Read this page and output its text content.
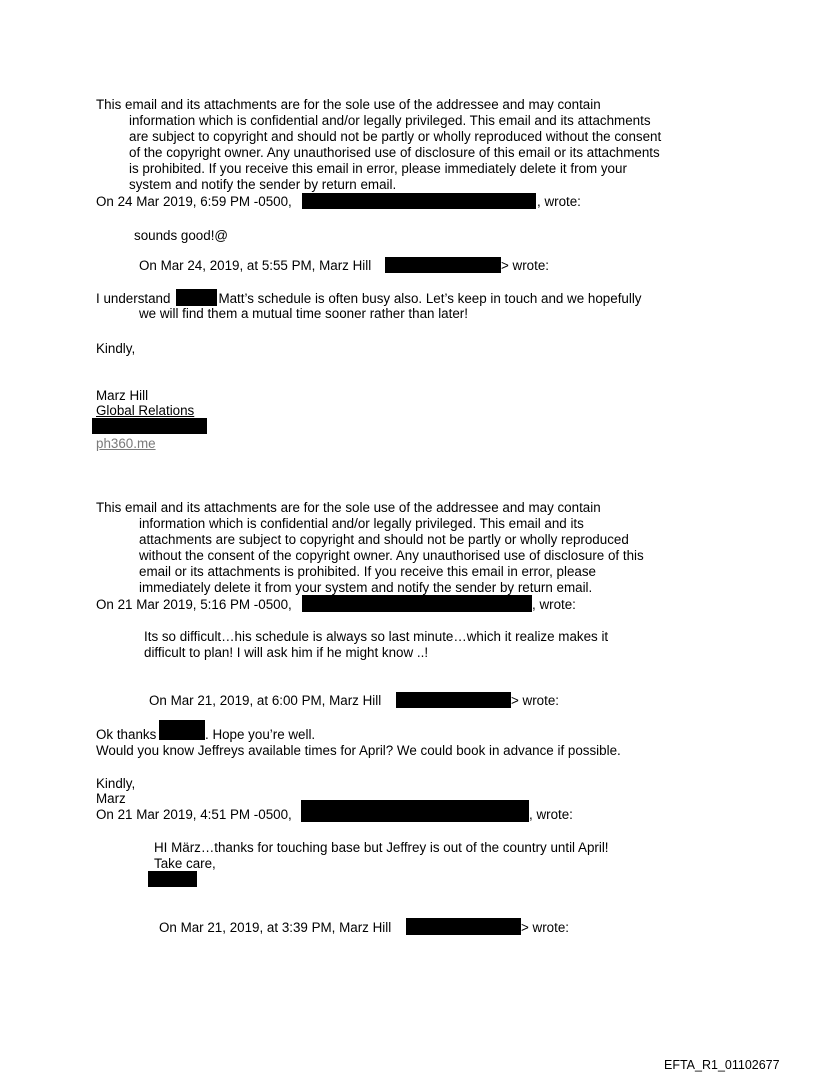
This email and its attachments are for the sole use of the addressee and may contain
information which is confidential and/or legally privileged. This email and its attachments
are subject to copyright and should not be partly or wholly reproduced without the consent
of the copyright owner. Any unauthorised use of disclosure of this email or its attachments
is prohibited. If you receive this email in error, please immediately delete it from your
system and notify the sender by return email.
On 24 Mar 2019, 6:59 PM -0500,	, wrote:
sounds good!@
On Mar 24, 2019, at 5:55 PM, Marz Hill	> wrote:
I understand	, Matt’s schedule is often busy also. Let’s keep in touch and we hopefully
we will find them a mutual time sooner rather than later!
Kindly,
Marz Hill
Global Relations
ph360.me
This email and its attachments are for the sole use of the addressee and may contain
information which is confidential and/or legally privileged. This email and its
attachments are subject to copyright and should not be partly or wholly reproduced
without the consent of the copyright owner. Any unauthorised use of disclosure of this
email or its attachments is prohibited. If you receive this email in error, please
immediately delete it from your system and notify the sender by return email.
On 21 Mar 2019, 5:16 PM -0500,	, wrote:
Its so difficult…his schedule is always so last minute…which it realize makes it
difficult to plan! I will ask him if he might know ..!
On Mar 21, 2019, at 6:00 PM, Marz Hill	> wrote:
Ok thanks	. Hope you’re well.
Would you know Jeffreys available times for April? We could book in advance if possible.
Kindly,
Marz
On 21 Mar 2019, 4:51 PM -0500,	, wrote:
HI März…thanks for touching base but Jeffrey is out of the country until April!
Take care,
On Mar 21, 2019, at 3:39 PM, Marz Hill	> wrote:
EFTA_R1_01102677
